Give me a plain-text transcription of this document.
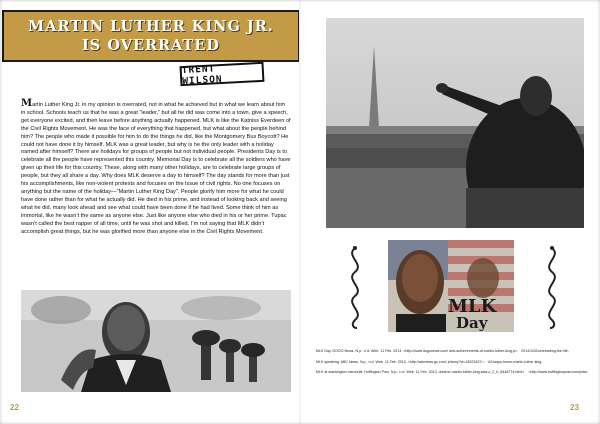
MARTIN LUTHER KING JR.
IS OVERRATED
TRENT WILSON

Martin Luther King Jr. in my opinion is overrated, not in what he achieved but in what we learn about him in school. Schools teach us that he was a great “leader,” but all he did was come into a town, give a speech, get everyone excited, and then leave before anything actually happened. MLK is like the Katniss Everdeen of the Civil Rights Movement. He was the face of everything that happened, but what about the people behind him? The people who made it possible for him to do the things he did, like the Montgomery Bus Boycott? He could not have done it by himself. MLK was a great leader, but why is he the only leader with a holiday named after himself? There are holidays for groups of people but not individual people. Presidents Day is to celebrate all the people have represented this country. Memorial Day is to celebrate all the soldiers who have given up their life for this country. These, along with many other holidays, are to celebrate large groups of people, but they all share a day. Why does MLK deserve a day to himself? The day stands for more than just his accomplishments, like non-violent protests and focuses on the issue of civil rights. No one focuses on anything but the name of the holiday—“Martin Luther King Day”. People glorify him more for what he could have done rather than for what he actually did. He died in his prime, and instead of looking back and seeing what he did, many look ahead and see what could have been done if he had lived. Some think of him as immortal, like he wasn’t the same as anyone else. Just like anyone else who died in his or her prime. Tupac wasn’t called the best rapper of all time, until he was shot and killed. I’m not saying that MLK didn’t accomplish great things, but he was glorified more than anyone else in the Civil Rights Movement.

22
MLK
Day

MLK Day. DOGO News. N.p., n.d. Web. 11 Feb. 2013. <http://www.dogonews.com/ and-achievements-of-martin-luther-king-jr>. 2014/1/20/celebrating-the-life-

MLK speaking. ABC News. N.p., n.d. Web. 11 Feb. 2013. <http://abcnews.go.com/ jr/story?id=18221627>. US/ways-honor-martin-luther-king-

MLK at washington memorial. Huffington Post. N.p., n.d. Web. 11 Feb. 2013. dreiers/ martin-luther-king-was-o_2_b_6448774.html>. <http://www.huffingtonpost.com/peter-

23
